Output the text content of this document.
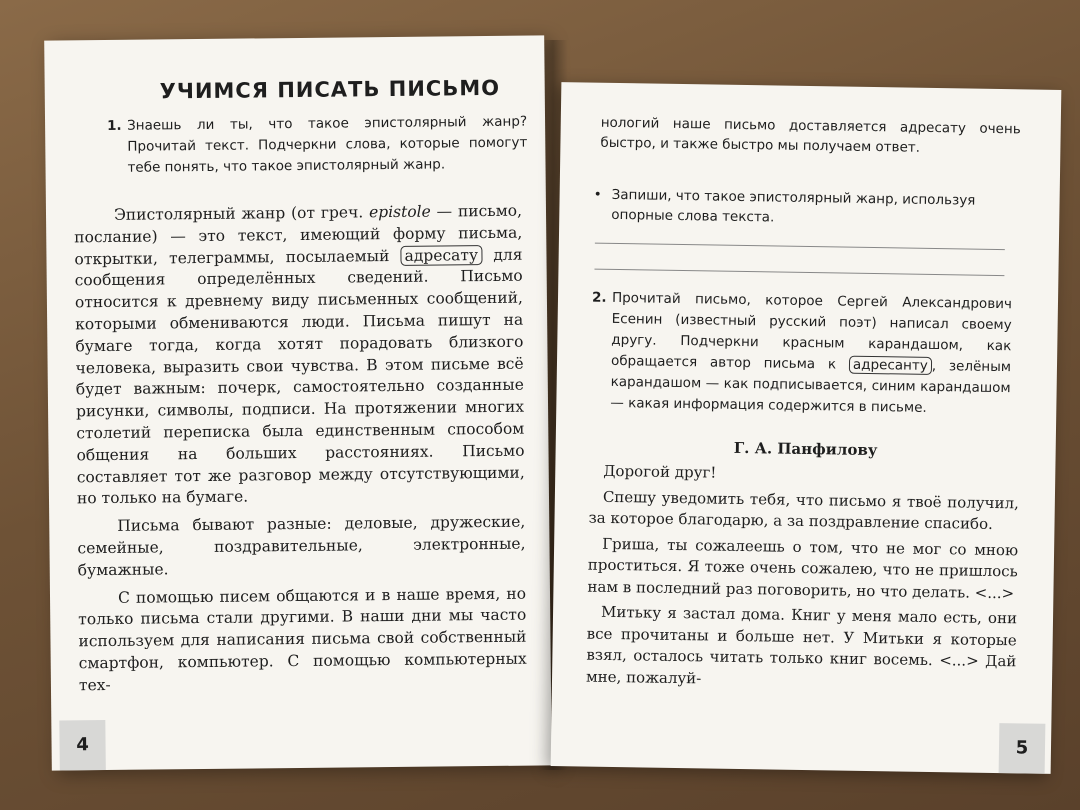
УЧИМСЯ ПИСАТЬ ПИСЬМО
1. Знаешь ли ты, что такое эпистолярный жанр? Прочитай текст. Подчеркни слова, которые помогут тебе понять, что такое эпистолярный жанр.

Эпистолярный жанр (от греч. epistole — письмо, послание) — это текст, имеющий форму письма, открытки, телеграммы, посылаемый адресату для сообщения определённых сведений. Письмо относится к древнему виду письменных сообщений, которыми обмениваются люди. Письма пишут на бумаге тогда, когда хотят порадовать близкого человека, выразить свои чувства. В этом письме всё будет важным: почерк, самостоятельно созданные рисунки, символы, подписи. На протяжении многих столетий переписка была единственным способом общения на больших расстояниях. Письмо составляет тот же разговор между отсутствующими, но только на бумаге.

Письма бывают разные: деловые, дружеские, семейные, поздравительные, электронные, бумажные.

С помощью писем общаются и в наше время, но только письма стали другими. В наши дни мы часто используем для написания письма свой собственный смартфон, компьютер. С помощью компьютерных тех-

4
нологий наше письмо доставляется адресату очень быстро, и также быстро мы получаем ответ.
• Запиши, что такое эпистолярный жанр, используя опорные слова текста.
2. Прочитай письмо, которое Сергей Александрович Есенин (известный русский поэт) написал своему другу. Подчеркни красным карандашом, как обращается автор письма к адресанту , зелёным карандашом — как подписывается, синим карандашом — какая информация содержится в письме.
Г. А. Панфилову

Дорогой друг!

Спешу уведомить тебя, что письмо я твоё получил, за которое благодарю, а за поздравление спасибо.

Гриша, ты сожалеешь о том, что не мог со мною проститься. Я тоже очень сожалею, что не пришлось нам в последний раз поговорить, но что делать. <...>

Митьку я застал дома. Книг у меня мало есть, они все прочитаны и больше нет. У Митьки я которые взял, осталось читать только книг восемь. <...> Дай мне, пожалуй-

5
